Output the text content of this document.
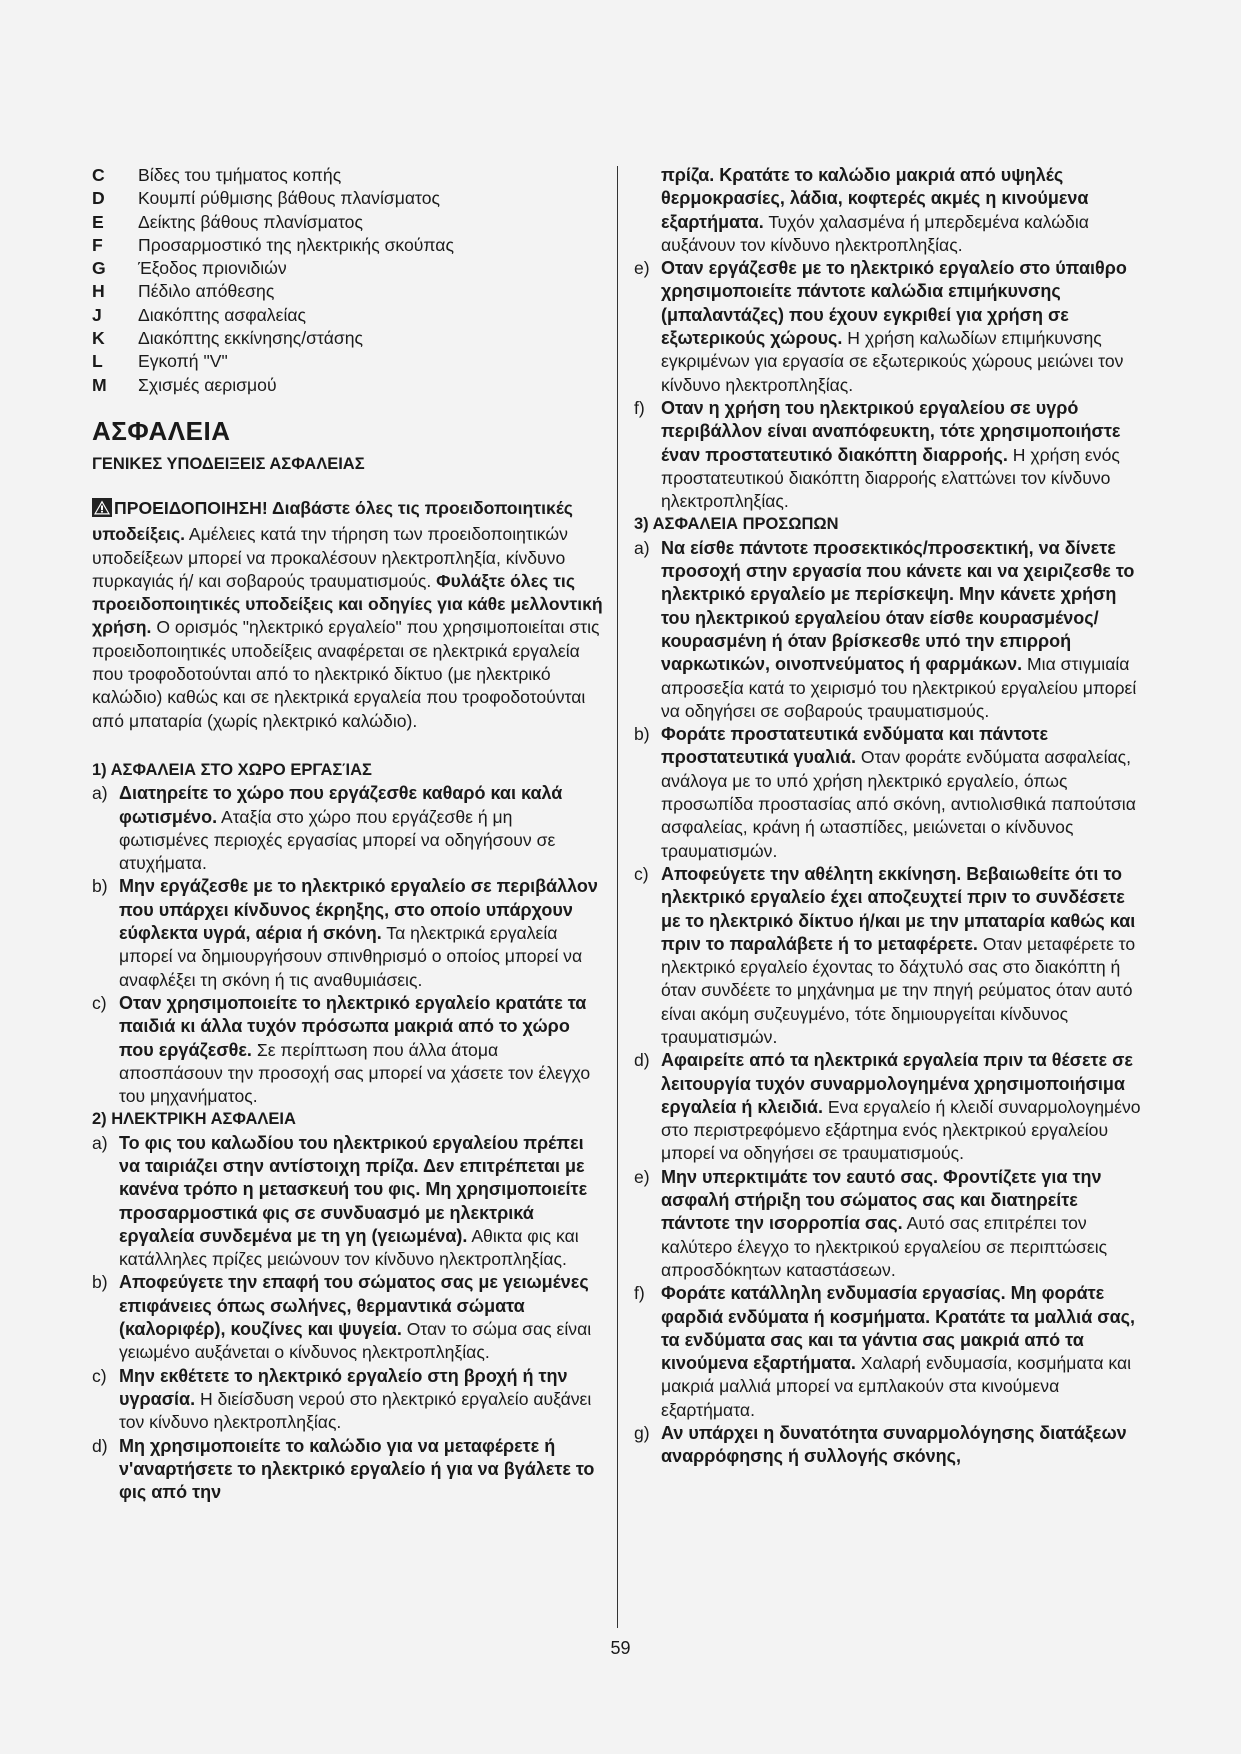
C	Βίδες του τμήματος κοπής
D	Κουμπί ρύθμισης βάθους πλανίσματος
E	Δείκτης βάθους πλανίσματος
F	Προσαρμοστικό της ηλεκτρικής σκούπας
G	Έξοδος πριονιδιών
H	Πέδιλο απόθεσης
J	Διακόπτης ασφαλείας
K	Διακόπτης εκκίνησης/στάσης
L	Εγκοπή "V"
M	Σχισμές αερισμού
ΑΣΦΑΛΕΙΑ
ΓΕΝΙΚΕΣ ΥΠΟΔΕΙΞΕΙΣ ΑΣΦΑΛΕΙΑΣ

ΠΡΟΕΙΔΟΠΟΙΗΣΗ! Διαβάστε όλες τις προειδοποιητικές υποδείξεις. Αμέλειες κατά την τήρηση των προειδοποιητικών υποδείξεων μπορεί να προκαλέσουν ηλεκτροπληξία, κίνδυνο πυρκαγιάς ή/ και σοβαρούς τραυματισμούς. Φυλάξτε όλες τις προειδοποιητικές υποδείξεις και οδηγίες για κάθε μελλοντική χρήση. Ο ορισμός "ηλεκτρικό εργαλείο" που χρησιμοποιείται στις προειδοποιητικές υποδείξεις αναφέρεται σε ηλεκτρικά εργαλεία που τροφοδοτούνται από το ηλεκτρικό δίκτυο (με ηλεκτρικό καλώδιο) καθώς και σε ηλεκτρικά εργαλεία που τροφοδοτούνται από μπαταρία (χωρίς ηλεκτρικό καλώδιο).

1) ΑΣΦΑΛΕΙΑ ΣΤΟ ΧΩΡΟ ΕΡΓΑΣΊΑΣ

a) Διατηρείτε το χώρο που εργάζεσθε καθαρό και καλά φωτισμένο. Αταξία στο χώρο που εργάζεσθε ή μη φωτισμένες περιοχές εργασίας μπορεί να οδηγήσουν σε ατυχήματα.
b) Μην εργάζεσθε με το ηλεκτρικό εργαλείο σε περιβάλλον που υπάρχει κίνδυνος έκρηξης, στο οποίο υπάρχουν εύφλεκτα υγρά, αέρια ή σκόνη. Τα ηλεκτρικά εργαλεία μπορεί να δημιουργήσουν σπινθηρισμό ο οποίος μπορεί να αναφλέξει τη σκόνη ή τις αναθυμιάσεις.
c) Οταν χρησιμοποιείτε το ηλεκτρικό εργαλείο κρατάτε τα παιδιά κι άλλα τυχόν πρόσωπα μακριά από το χώρο που εργάζεσθε. Σε περίπτωση που άλλα άτομα αποσπάσουν την προσοχή σας μπορεί να χάσετε τον έλεγχο του μηχανήματος.

2) ΗΛΕΚΤΡΙΚΗ ΑΣΦΑΛΕΙΑ

a) Το φις του καλωδίου του ηλεκτρικού εργαλείου πρέπει να ταιριάζει στην αντίστοιχη πρίζα. Δεν επιτρέπεται με κανένα τρόπο η μετασκευή του φις. Μη χρησιμοποιείτε προσαρμοστικά φις σε συνδυασμό με ηλεκτρικά εργαλεία συνδεμένα με τη γη (γειωμένα). Αθικτα φις και κατάλληλες πρίζες μειώνουν τον κίνδυνο ηλεκτροπληξίας.
b) Αποφεύγετε την επαφή του σώματος σας με γειωμένες επιφάνειες όπως σωλήνες, θερμαντικά σώματα (καλοριφέρ), κουζίνες και ψυγεία. Οταν το σώμα σας είναι γειωμένο αυξάνεται ο κίνδυνος ηλεκτροπληξίας.
c) Μην εκθέτετε το ηλεκτρικό εργαλείο στη βροχή ή την υγρασία. Η διείσδυση νερού στο ηλεκτρικό εργαλείο αυξάνει τον κίνδυνο ηλεκτροπληξίας.
d) Μη χρησιμοποιείτε το καλώδιο για να μεταφέρετε ή ν'αναρτήσετε το ηλεκτρικό εργαλείο ή για να βγάλετε το φις από την
πρίζα. Κρατάτε το καλώδιο μακριά από υψηλές θερμοκρασίες, λάδια, κοφτερές ακμές η κινούμενα εξαρτήματα. Τυχόν χαλασμένα ή μπερδεμένα καλώδια αυξάνουν τον κίνδυνο ηλεκτροπληξίας.
e) Οταν εργάζεσθε με το ηλεκτρικό εργαλείο στο ύπαιθρο χρησιμοποιείτε πάντοτε καλώδια επιμήκυνσης (μπαλαντάζες) που έχουν εγκριθεί για χρήση σε εξωτερικούς χώρους. Η χρήση καλωδίων επιμήκυνσης εγκριμένων για εργασία σε εξωτερικούς χώρους μειώνει τον κίνδυνο ηλεκτροπληξίας.
f) Οταν η χρήση του ηλεκτρικού εργαλείου σε υγρό περιβάλλον είναι αναπόφευκτη, τότε χρησιμοποιήστε έναν προστατευτικό διακόπτη διαρροής. Η χρήση ενός προστατευτικού διακόπτη διαρροής ελαττώνει τον κίνδυνο ηλεκτροπληξίας.

3) ΑΣΦΑΛΕΙΑ ΠΡΟΣΩΠΩΝ

a) Να είσθε πάντοτε προσεκτικός/προσεκτική, να δίνετε προσοχή στην εργασία που κάνετε και να χειριζεσθε το ηλεκτρικό εργαλείο με περίσκεψη. Μην κάνετε χρήση του ηλεκτρικού εργαλείου όταν είσθε κουρασμένος/κουρασμένη ή όταν βρίσκεσθε υπό την επιρροή ναρκωτικών, οινοπνεύματος ή φαρμάκων. Μια στιγμιαία απροσεξία κατά το χειρισμό του ηλεκτρικού εργαλείου μπορεί να οδηγήσει σε σοβαρούς τραυματισμούς.
b) Φοράτε προστατευτικά ενδύματα και πάντοτε προστατευτικά γυαλιά. Οταν φοράτε ενδύματα ασφαλείας, ανάλογα με το υπό χρήση ηλεκτρικό εργαλείο, όπως προσωπίδα προστασίας από σκόνη, αντιολισθικά παπούτσια ασφαλείας, κράνη ή ωτασπίδες, μειώνεται ο κίνδυνος τραυματισμών.
c) Αποφεύγετε την αθέλητη εκκίνηση. Βεβαιωθείτε ότι το ηλεκτρικό εργαλείο έχει αποζευχτεί πριν το συνδέσετε με το ηλεκτρικό δίκτυο ή/και με την μπαταρία καθώς και πριν το παραλάβετε ή το μεταφέρετε. Οταν μεταφέρετε το ηλεκτρικό εργαλείο έχοντας το δάχτυλό σας στο διακόπτη ή όταν συνδέετε το μηχάνημα με την πηγή ρεύματος όταν αυτό είναι ακόμη συζευγμένο, τότε δημιουργείται κίνδυνος τραυματισμών.
d) Αφαιρείτε από τα ηλεκτρικά εργαλεία πριν τα θέσετε σε λειτουργία τυχόν συναρμολογημένα χρησιμοποιήσιμα εργαλεία ή κλειδιά. Ενα εργαλείο ή κλειδί συναρμολογημένο στο περιστρεφόμενο εξάρτημα ενός ηλεκτρικού εργαλείου μπορεί να οδηγήσει σε τραυματισμούς.
e) Μην υπερκτιμάτε τον εαυτό σας. Φροντίζετε για την ασφαλή στήριξη του σώματος σας και διατηρείτε πάντοτε την ισορροπία σας. Αυτό σας επιτρέπει τον καλύτερο έλεγχο το ηλεκτρικού εργαλείου σε περιπτώσεις απροσδόκητων καταστάσεων.
f) Φοράτε κατάλληλη ενδυμασία εργασίας. Μη φοράτε φαρδιά ενδύματα ή κοσμήματα. Κρατάτε τα μαλλιά σας, τα ενδύματα σας και τα γάντια σας μακριά από τα κινούμενα εξαρτήματα. Χαλαρή ενδυμασία, κοσμήματα και μακριά μαλλιά μπορεί να εμπλακούν στα κινούμενα εξαρτήματα.
g) Αν υπάρχει η δυνατότητα συναρμολόγησης διατάξεων αναρρόφησης ή συλλογής σκόνης,
59
